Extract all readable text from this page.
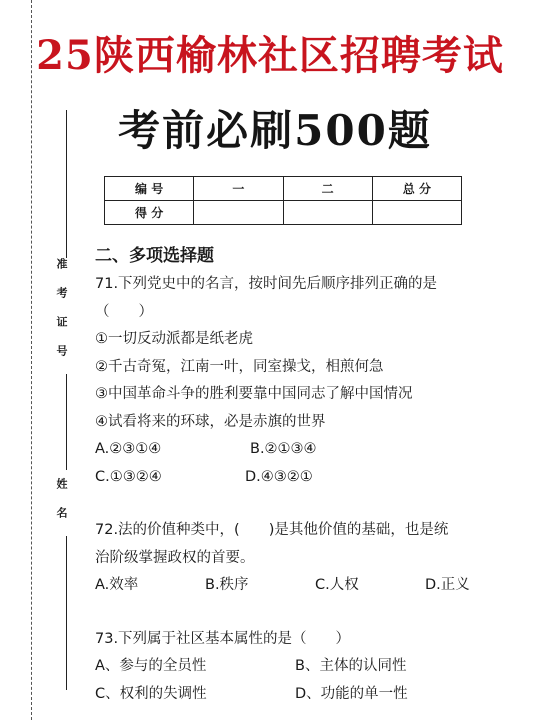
准考证号
姓名
25陕西榆林社区招聘考试
考前必刷500题
编 号	一	二	总 分
得 分			
二、多项选择题
71.下列党史中的名言，按时间先后顺序排列正确的是
（　　）
①一切反动派都是纸老虎
②千古奇冤，江南一叶，同室操戈，相煎何急
③中国革命斗争的胜利要靠中国同志了解中国情况
④试看将来的环球，必是赤旗的世界
A.②③①④	B.②①③④
C.①③②④	D.④③②①
72.法的价值种类中，(　　)是其他价值的基础，也是统
治阶级掌握政权的首要。
A.效率	B.秩序	C.人权	D.正义
73.下列属于社区基本属性的是（　　）
A、参与的全员性	B、主体的认同性
C、权利的失调性	D、功能的单一性
